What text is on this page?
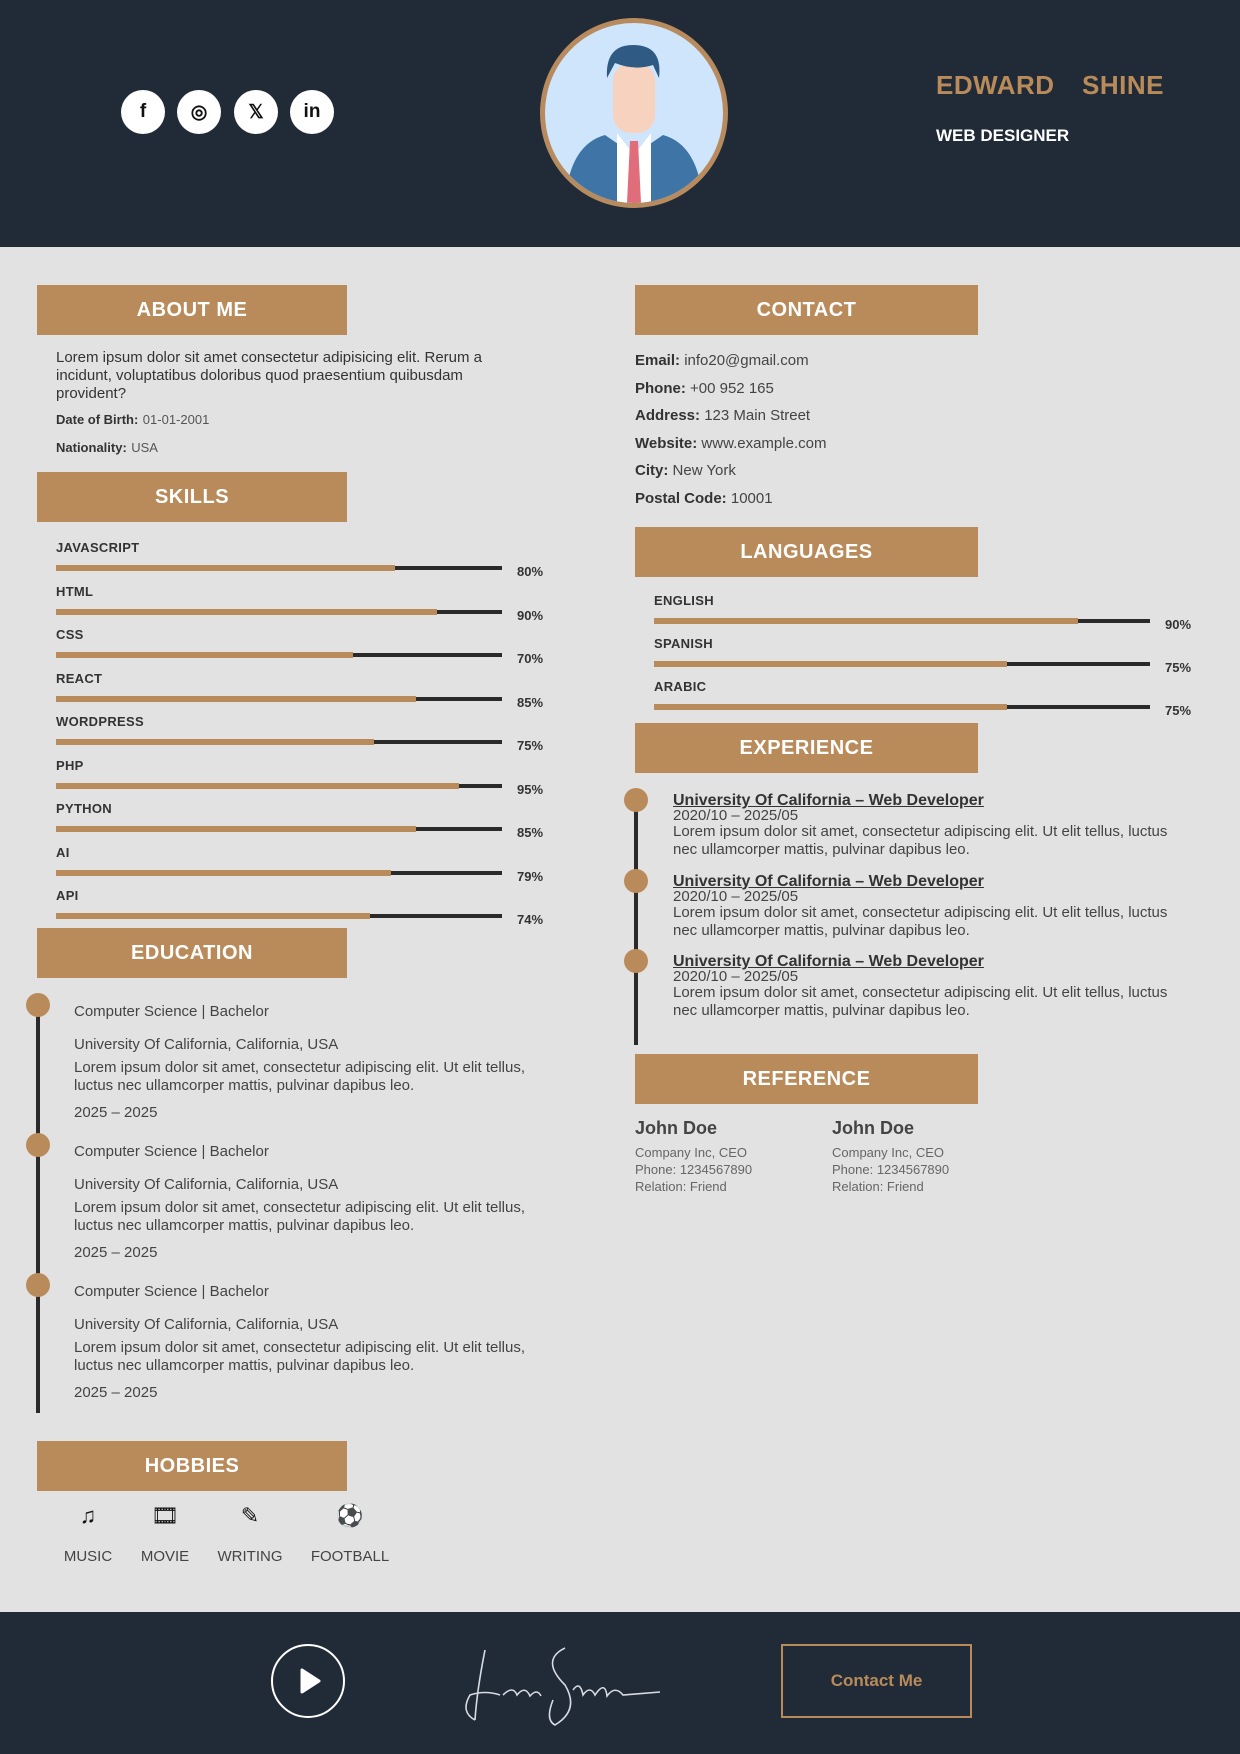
EDWARD  SHINE
WEB DESIGNER
ABOUT ME
Lorem ipsum dolor sit amet consectetur adipisicing elit. Rerum a incidunt, voluptatibus doloribus quod praesentium quibusdam provident?
Date of Birth: 01-01-2001
Nationality: USA
SKILLS
EDUCATION
HOBBIES
CONTACT
LANGUAGES
EXPERIENCE
REFERENCE
Contact Me
f ◎ 𝕏 in
JAVASCRIPT
80%
HTML
90%
CSS
70%
REACT
85%
WORDPRESS
75%
PHP
95%
PYTHON
85%
AI
79%
API
74%
Computer Science | Bachelor
University Of California, California, USA
Lorem ipsum dolor sit amet, consectetur adipiscing elit. Ut elit tellus, luctus nec ullamcorper mattis, pulvinar dapibus leo.
2025 – 2025
Computer Science | Bachelor
University Of California, California, USA
Lorem ipsum dolor sit amet, consectetur adipiscing elit. Ut elit tellus, luctus nec ullamcorper mattis, pulvinar dapibus leo.
2025 – 2025
Computer Science | Bachelor
University Of California, California, USA
Lorem ipsum dolor sit amet, consectetur adipiscing elit. Ut elit tellus, luctus nec ullamcorper mattis, pulvinar dapibus leo.
2025 – 2025
♫
MUSIC
🎞
MOVIE
✎
WRITING
⚽
FOOTBALL
Email: info20@gmail.com
Phone: +00 952 165
Address: 123 Main Street
Website: www.example.com
City: New York
Postal Code: 10001
ENGLISH
90%
SPANISH
75%
ARABIC
75%
University Of California – Web Developer
2020/10 – 2025/05
Lorem ipsum dolor sit amet, consectetur adipiscing elit. Ut elit tellus, luctus nec ullamcorper mattis, pulvinar dapibus leo.
University Of California – Web Developer
2020/10 – 2025/05
Lorem ipsum dolor sit amet, consectetur adipiscing elit. Ut elit tellus, luctus nec ullamcorper mattis, pulvinar dapibus leo.
University Of California – Web Developer
2020/10 – 2025/05
Lorem ipsum dolor sit amet, consectetur adipiscing elit. Ut elit tellus, luctus nec ullamcorper mattis, pulvinar dapibus leo.
John Doe
Company Inc, CEO
Phone: 1234567890
Relation: Friend
John Doe
Company Inc, CEO
Phone: 1234567890
Relation: Friend
